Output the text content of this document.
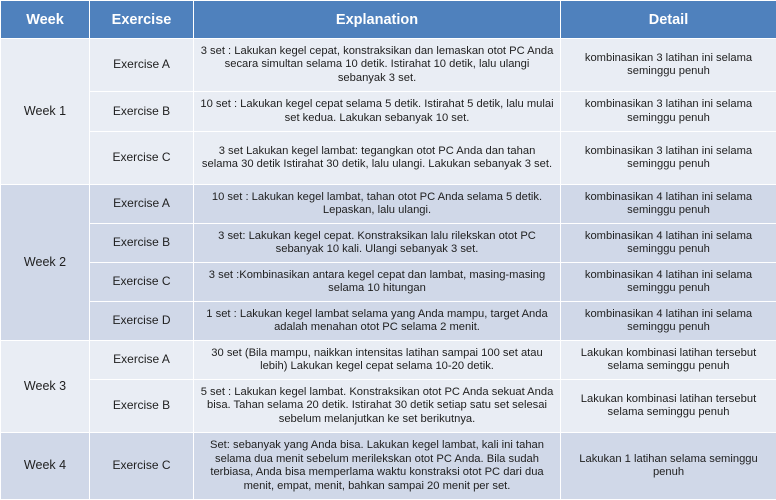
Week	Exercise	Explanation	Detail
Week 1	Exercise A	3 set : Lakukan kegel cepat, konstraksikan dan lemaskan otot PC Anda secara simultan selama 10 detik. Istirahat 10 detik, lalu ulangi sebanyak 3 set.	kombinasikan 3 latihan ini selama seminggu penuh
	Exercise B	10 set : Lakukan kegel cepat selama 5 detik. Istirahat 5 detik, lalu mulai set kedua. Lakukan sebanyak 10 set.	kombinasikan 3 latihan ini selama seminggu penuh
	Exercise C	3 set Lakukan kegel lambat: tegangkan otot PC Anda dan tahan selama 30 detik Istirahat 30 detik, lalu ulangi. Lakukan sebanyak 3 set.	kombinasikan 3 latihan ini selama seminggu penuh
Week 2	Exercise A	10 set : Lakukan kegel lambat, tahan otot PC Anda selama 5 detik. Lepaskan, lalu ulangi.	kombinasikan 4 latihan ini selama seminggu penuh
	Exercise B	3 set: Lakukan kegel cepat. Konstraksikan lalu rilekskan otot PC sebanyak 10 kali. Ulangi sebanyak 3 set.	kombinasikan 4 latihan ini selama seminggu penuh
	Exercise C	3 set :Kombinasikan antara kegel cepat dan lambat, masing-masing selama 10 hitungan	kombinasikan 4 latihan ini selama seminggu penuh
	Exercise D	1 set : Lakukan kegel lambat selama yang Anda mampu, target Anda adalah menahan otot PC selama 2 menit.	kombinasikan 4 latihan ini selama seminggu penuh
Week 3	Exercise A	30 set (Bila mampu, naikkan intensitas latihan sampai 100 set atau lebih) Lakukan kegel cepat selama 10-20 detik.	Lakukan kombinasi latihan tersebut selama seminggu penuh
	Exercise B	5 set : Lakukan kegel lambat. Konstraksikan otot PC Anda sekuat Anda bisa. Tahan selama 20 detik. Istirahat 30 detik setiap satu set selesai sebelum melanjutkan ke set berikutnya.	Lakukan kombinasi latihan tersebut selama seminggu penuh
Week 4	Exercise C	Set: sebanyak yang Anda bisa. Lakukan kegel lambat, kali ini tahan selama dua menit sebelum merilekskan otot PC Anda. Bila sudah terbiasa, Anda bisa memperlama waktu konstraksi otot PC dari dua menit, empat, menit, bahkan sampai 20 menit per set.	Lakukan 1 latihan selama seminggu penuh
